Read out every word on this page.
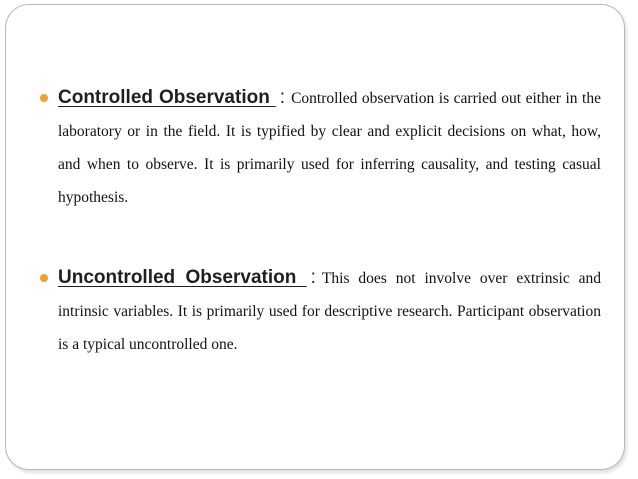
Controlled Observation : Controlled observation is carried out either in the laboratory or in the field. It is typified by clear and explicit decisions on what, how, and when to observe. It is primarily used for inferring causality, and testing casual hypothesis.
Uncontrolled Observation : This does not involve over extrinsic and intrinsic variables. It is primarily used for descriptive research. Participant observation is a typical uncontrolled one.
